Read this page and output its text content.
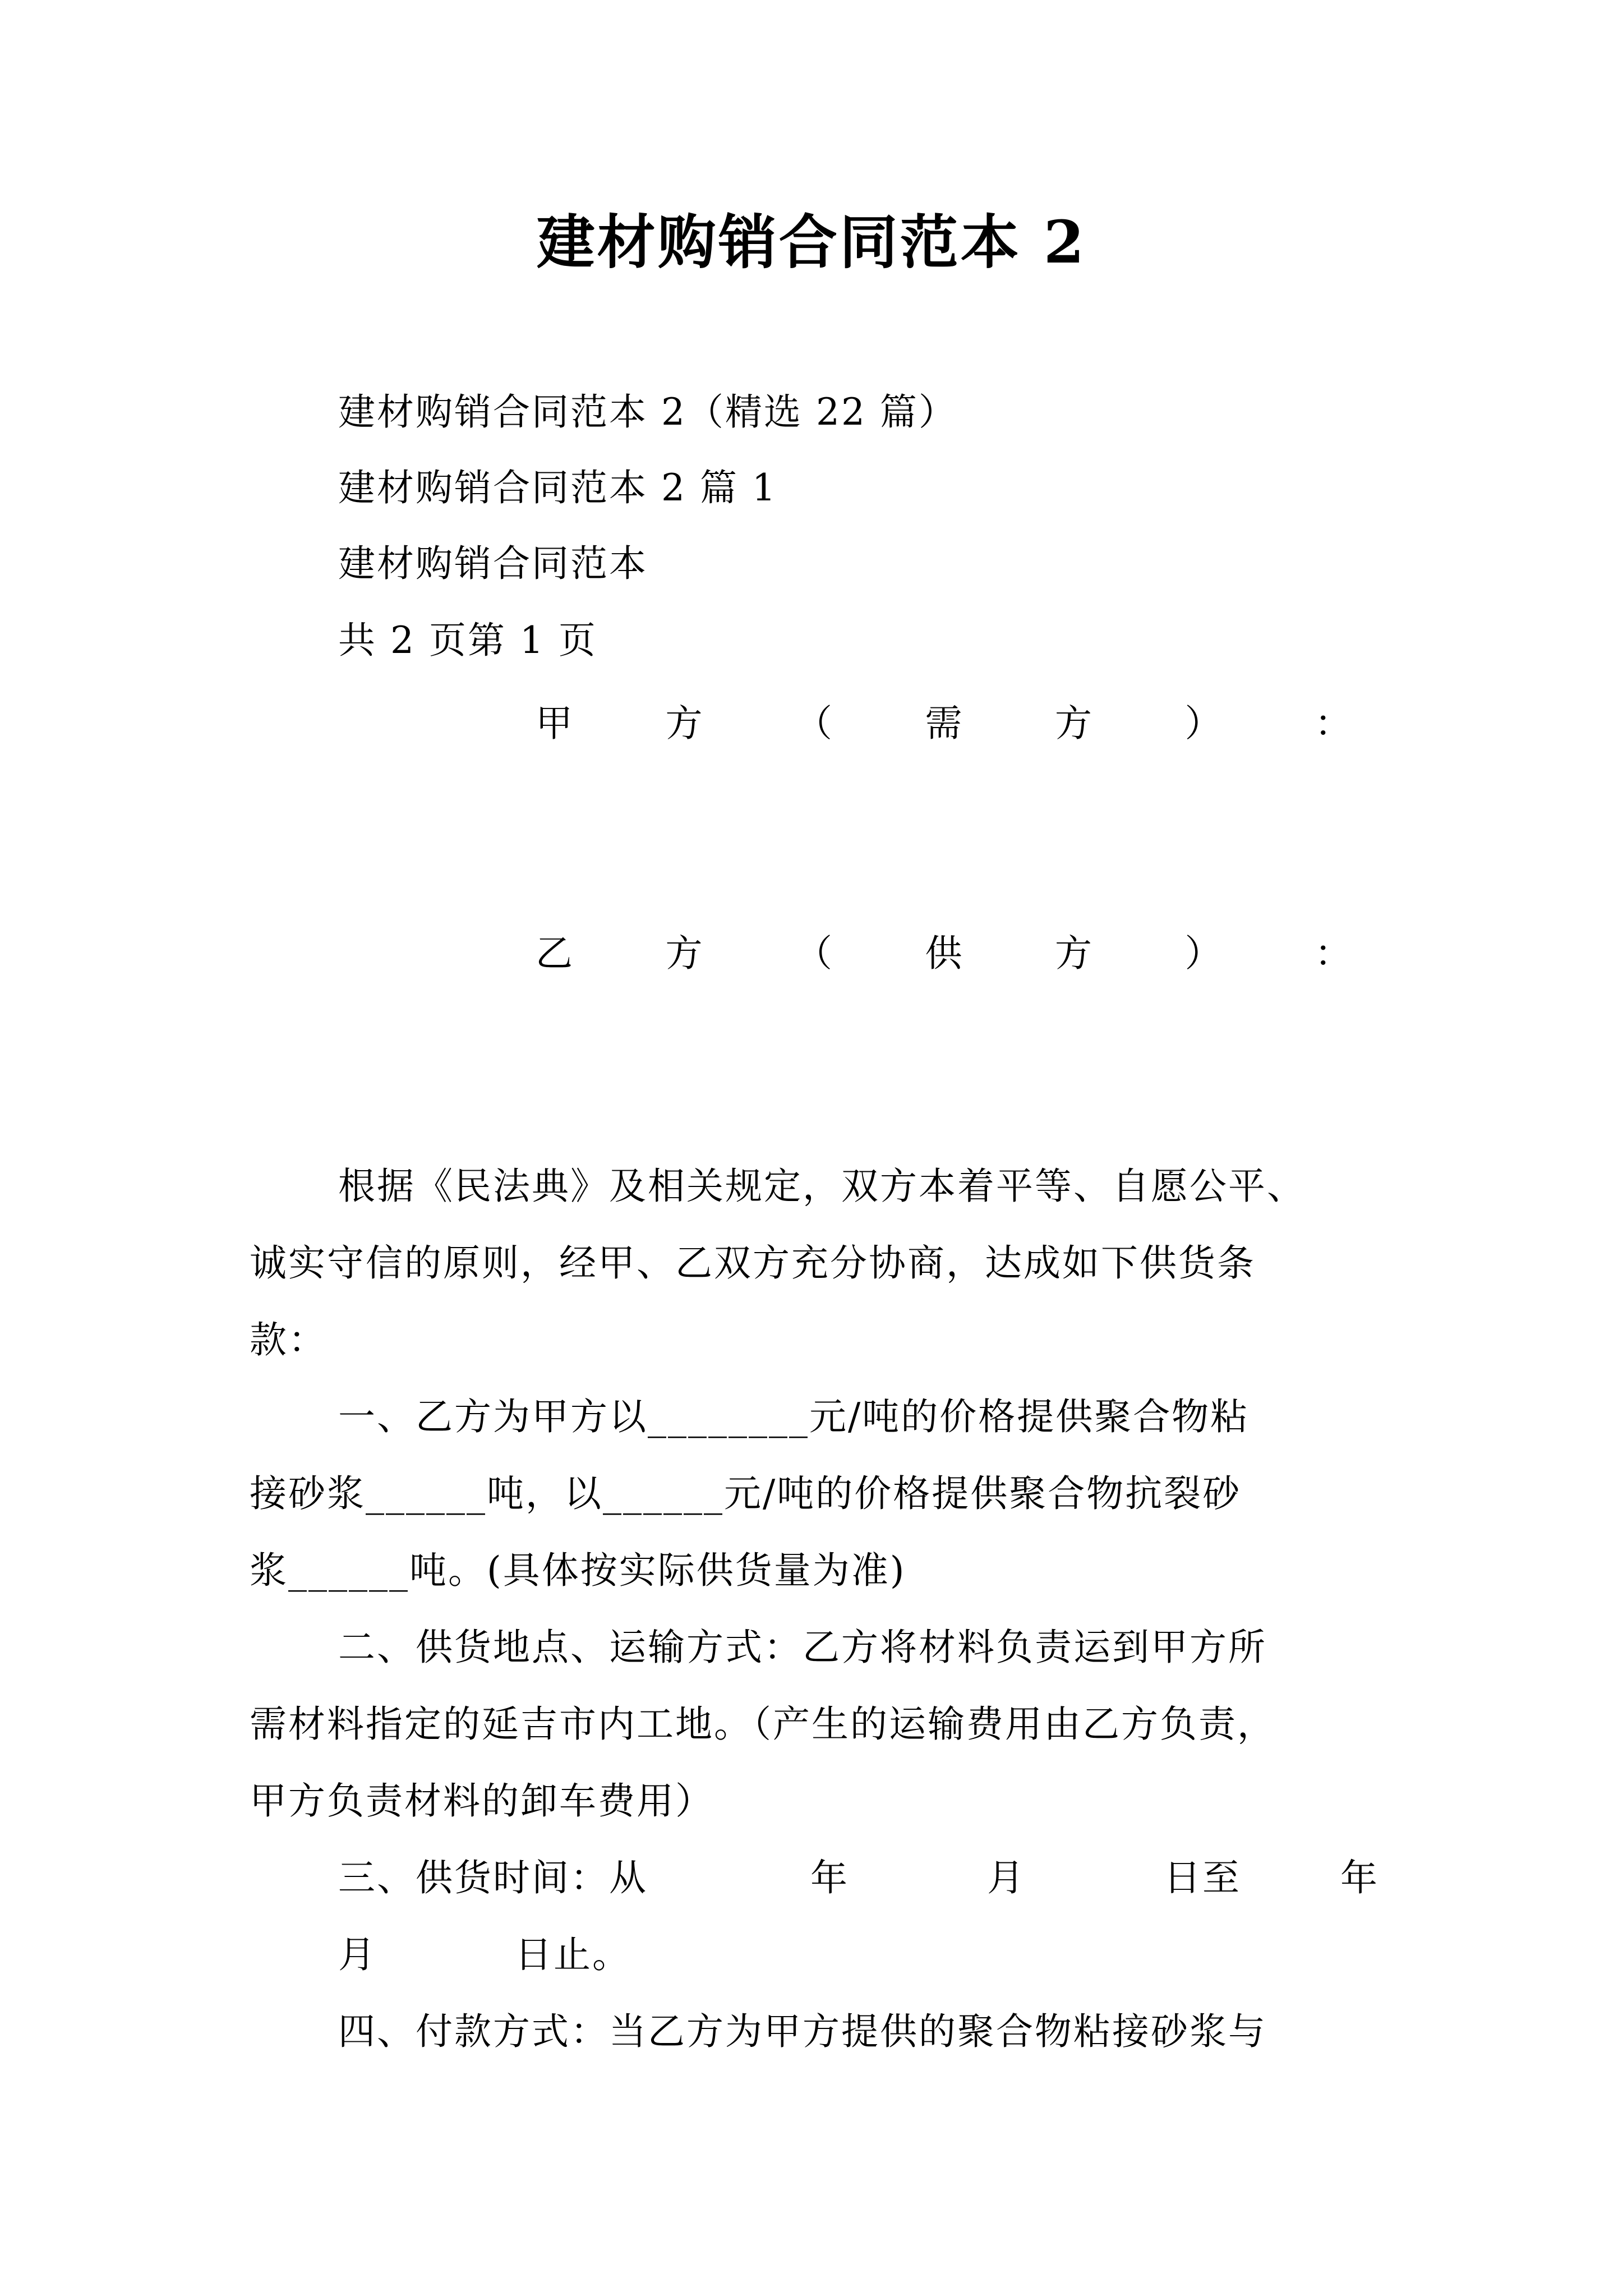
建材购销合同范本 2
建材购销合同范本 2（精选 22 篇）
建材购销合同范本 2 篇 1
建材购销合同范本
共 2 页第 1 页
甲	方	（	需	方	）	：
乙	方	（	供	方	）	：
根据《民法典》及相关规定，双方本着平等、自愿公平、
诚实守信的原则，经甲、乙双方充分协商，达成如下供货条
款：
一、乙方为甲方以________元/吨的价格提供聚合物粘
接砂浆______吨，以______元/吨的价格提供聚合物抗裂砂
浆______吨。(具体按实际供货量为准)
二、供货地点、运输方式：乙方将材料负责运到甲方所
需材料指定的延吉市内工地。（产生的运输费用由乙方负责，
甲方负责材料的卸车费用）
三、供货时间：从	年	月	日至	年
月	日止。
四、付款方式：当乙方为甲方提供的聚合物粘接砂浆与
